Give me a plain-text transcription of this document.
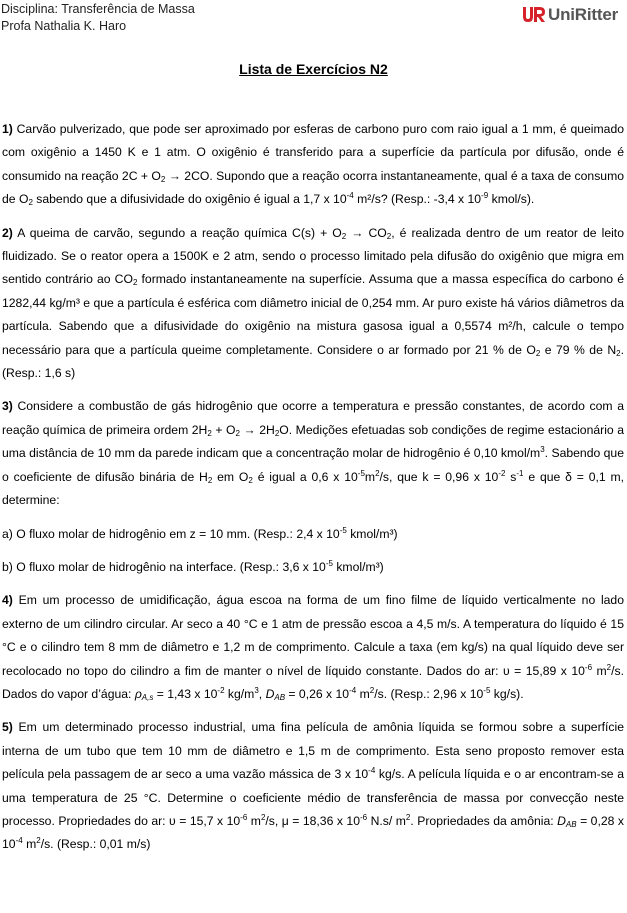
Disciplina: Transferência de Massa
Profa Nathalia K. Haro
UniRitter
Lista de Exercícios N2

1) Carvão pulverizado, que pode ser aproximado por esferas de carbono puro com raio igual a 1 mm, é queimado com oxigênio a 1450 K e 1 atm. O oxigênio é transferido para a superfície da partícula por difusão, onde é consumido na reação $2C + O_2 \to 2CO$. Supondo que a reação ocorra instantaneamente, qual é a taxa de consumo de $O_2$ sabendo que a difusividade do oxigênio é igual a 1,7 x $10^{-4}$ m²/s? (Resp.: -3,4 x $10^{-9}$ kmol/s).

2) A queima de carvão, segundo a reação química $C(s) + O_2 \to CO_2$, é realizada dentro de um reator de leito fluidizado. Se o reator opera a 1500K e 2 atm, sendo o processo limitado pela difusão do oxigênio que migra em sentido contrário ao $CO_2$ formado instantaneamente na superfície. Assuma que a massa específica do carbono é 1282,44 kg/m³ e que a partícula é esférica com diâmetro inicial de 0,254 mm. Ar puro existe há vários diâmetros da partícula. Sabendo que a difusividade do oxigênio na mistura gasosa igual a 0,5574 m²/h, calcule o tempo necessário para que a partícula queime completamente. Considere o ar formado por 21 % de $O_2$ e 79 % de $N_2$. (Resp.: 1,6 s)

3) Considere a combustão de gás hidrogênio que ocorre a temperatura e pressão constantes, de acordo com a reação química de primeira ordem $2H_2 + O_2 \to 2H_2O$. Medições efetuadas sob condições de regime estacionário a uma distância de 10 mm da parede indicam que a concentração molar de hidrogênio é 0,10 kmol/$m^3$. Sabendo que o coeficiente de difusão binária de $H_2$ em $O_2$ é igual a 0,6 x $10^{-5}m^2/s$, que k = 0,96 x $10^{-2}$ $s^{-1}$ e que δ = 0,1 m, determine:

a) O fluxo molar de hidrogênio em z = 10 mm. (Resp.: 2,4 x $10^{-5}$ kmol/m³)

b) O fluxo molar de hidrogênio na interface. (Resp.: 3,6 x $10^{-5}$ kmol/m³)

4) Em um processo de umidificação, água escoa na forma de um fino filme de líquido verticalmente no lado externo de um cilindro circular. Ar seco a 40 °C e 1 atm de pressão escoa a 4,5 m/s. A temperatura do líquido é 15 °C e o cilindro tem 8 mm de diâmetro e 1,2 m de comprimento. Calcule a taxa (em kg/s) na qual líquido deve ser recolocado no topo do cilindro a fim de manter o nível de líquido constante. Dados do ar: υ = 15,89 x $10^{-6}$ $m^2/s$. Dados do vapor d’água: $\rho_{A,s} = 1,43$ x $10^{-2}$ $kg/m^3$, $D_{AB} = 0,26$ x $10^{-4}$ $m^2/s$. (Resp.: 2,96 x $10^{-5}$ kg/s).

5) Em um determinado processo industrial, uma fina película de amônia líquida se formou sobre a superfície interna de um tubo que tem 10 mm de diâmetro e 1,5 m de comprimento. Esta seno proposto remover esta película pela passagem de ar seco a uma vazão mássica de 3 x $10^{-4}$ kg/s. A película líquida e o ar encontram-se a uma temperatura de 25 °C. Determine o coeficiente médio de transferência de massa por convecção neste processo. Propriedades do ar: υ = 15,7 x $10^{-6}$ $m^2/s$, μ = 18,36 x $10^{-6}$ N.s/ $m^2$. Propriedades da amônia: $D_{AB} = 0,28$ x $10^{-4}$ $m^2/s$. (Resp.: 0,01 m/s)
